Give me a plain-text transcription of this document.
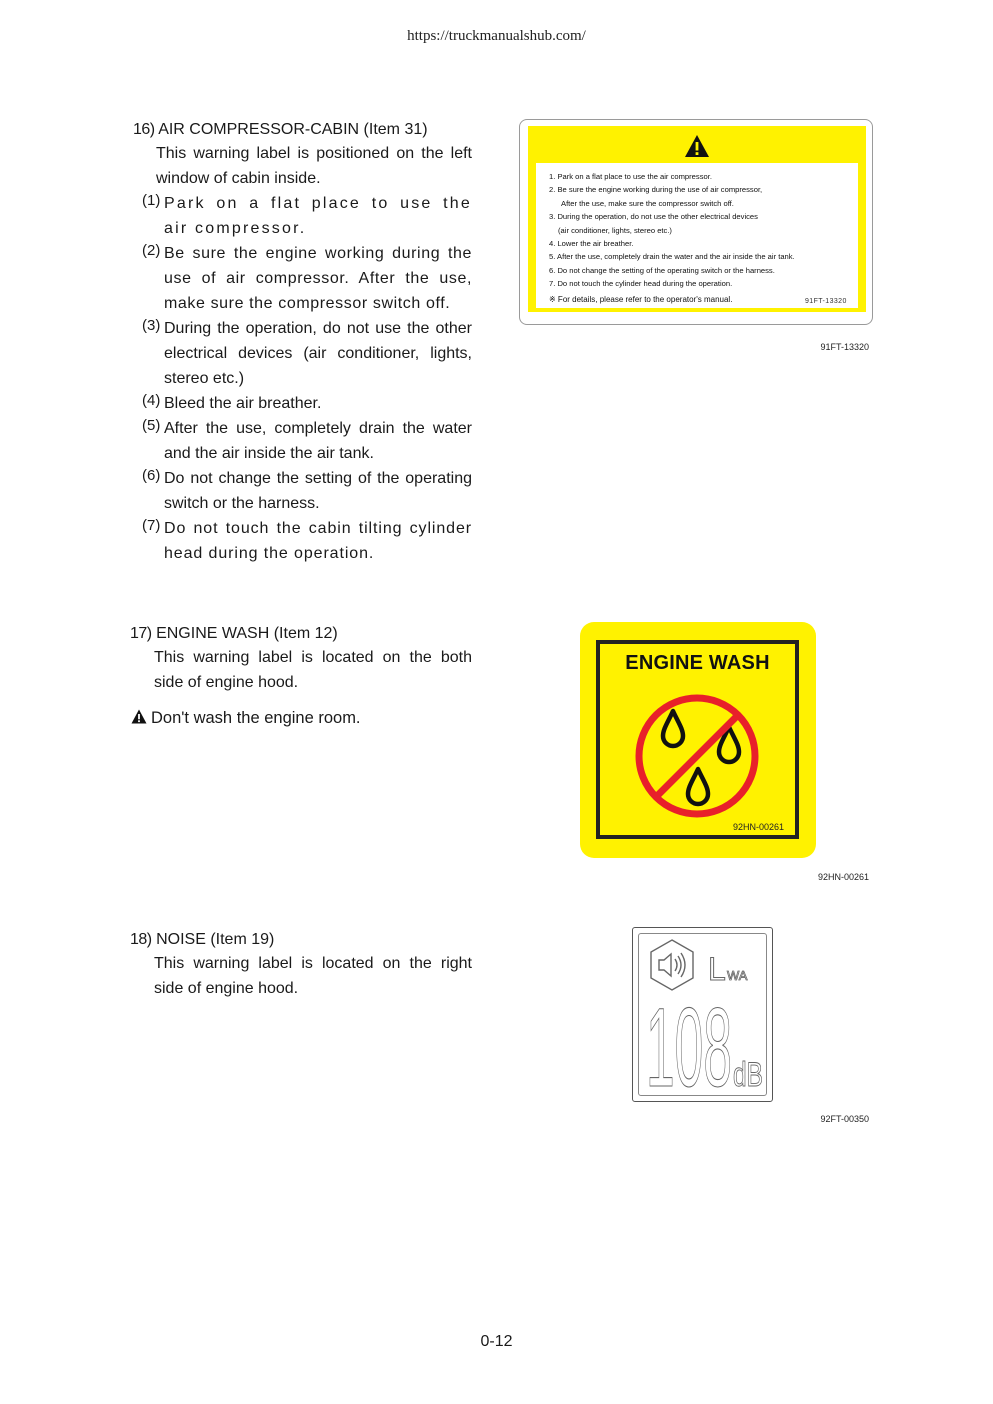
https://truckmanualshub.com/
16) AIR COMPRESSOR-CABIN (Item 31)
This warning label is positioned on the left window of cabin inside.
(1) Park on a flat place to use the air compressor.
(2) Be sure the engine working during the use of air compressor. After the use, make sure the compressor switch off.
(3) During the operation, do not use the other electrical devices (air conditioner, lights, stereo etc.)
(4) Bleed the air breather.
(5) After the use, completely drain the water and the air inside the air tank.
(6) Do not change the setting of the operating switch or the harness.
(7) Do not touch the cabin tilting cylinder head during the operation.
1. Park on a flat place to use the air compressor.
2. Be sure the engine working during the use of air compressor,
After the use, make sure the compressor switch off.
3. During the operation, do not use the other electrical devices
(air conditioner, lights, stereo etc.)
4. Lower the air breather.
5. After the use, completely drain the water and the air inside the air tank.
6. Do not change the setting of the operating switch or the harness.
7. Do not touch the cylinder head during the operation.
※ For details, please refer to the operator's manual.	91FT-13320
91FT-13320
17) ENGINE WASH (Item 12)
This warning label is located on the both side of engine hood.
Don't wash the engine room.
ENGINE WASH
92HN-00261
92HN-00261
18) NOISE (Item 19)
This warning label is located on the right side of engine hood.
L WA
108 dB
92FT-00350
0-12
